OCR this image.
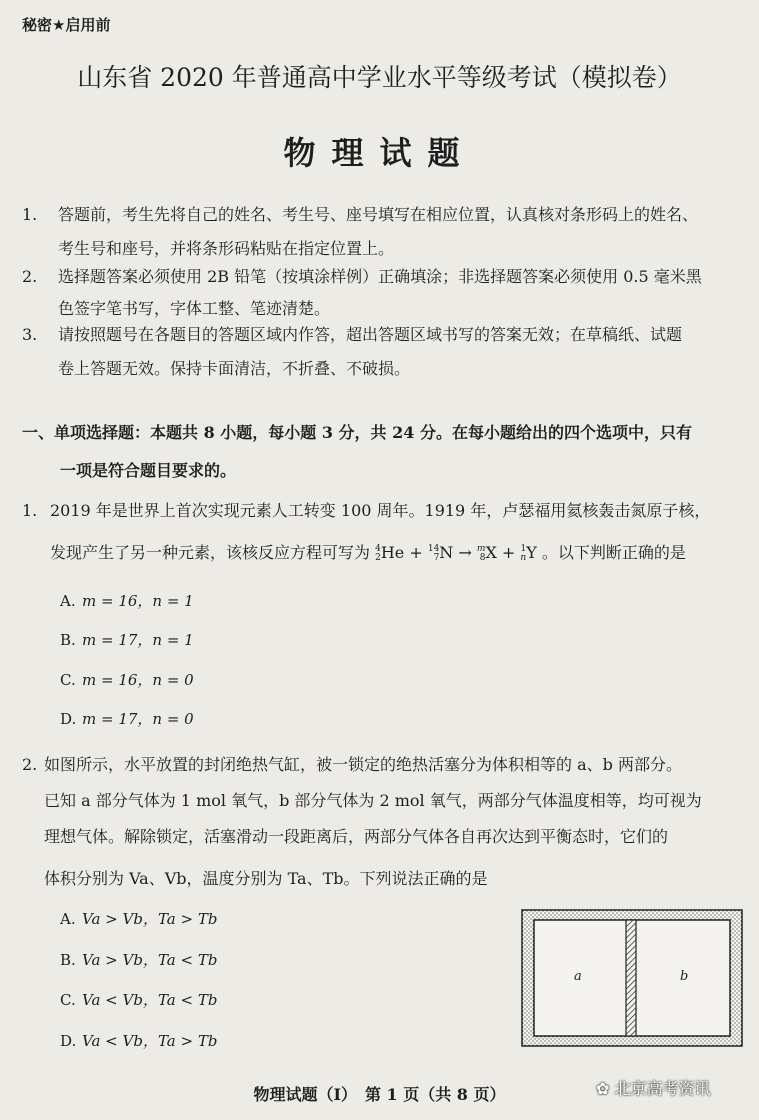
秘密★启用前
山东省 2020 年普通高中学业水平等级考试（模拟卷）
物理试题
1. 答题前，考生先将自己的姓名、考生号、座号填写在相应位置，认真核对条形码上的姓名、
考生号和座号，并将条形码粘贴在指定位置上。
2. 选择题答案必须使用 2B 铅笔（按填涂样例）正确填涂；非选择题答案必须使用 0.5 毫米黑
色签字笔书写，字体工整、笔迹清楚。
3. 请按照题号在各题目的答题区域内作答，超出答题区域书写的答案无效；在草稿纸、试题
卷上答题无效。保持卡面清洁，不折叠、不破损。
一、单项选择题：本题共 8 小题，每小题 3 分，共 24 分。在每小题给出的四个选项中，只有
一项是符合题目要求的。
1. 2019 年是世界上首次实现元素人工转变 100 周年。1919 年，卢瑟福用氦核轰击氮原子核，
发现产生了另一种元素，该核反应方程可写为 4
2 He + 14
7 N → m
8 X + 1
n Y 。以下判断正确的是
A. m = 16，n = 1
B. m = 17，n = 1
C. m = 16，n = 0
D. m = 17，n = 0
2. 如图所示，水平放置的封闭绝热气缸，被一锁定的绝热活塞分为体积相等的 a、b 两部分。
已知 a 部分气体为 1 mol 氧气，b 部分气体为 2 mol 氧气，两部分气体温度相等，均可视为
理想气体。解除锁定，活塞滑动一段距离后，两部分气体各自再次达到平衡态时，它们的
体积分别为 Va、Vb，温度分别为 Ta、Tb。下列说法正确的是
A. Va > Vb，Ta > Tb
B. Va > Vb，Ta < Tb
C. Va < Vb，Ta < Tb
D. Va < Vb，Ta > Tb
a	b
物理试题（Ⅰ）　第 1 页（共 8 页）	✿ 北京高考资讯
